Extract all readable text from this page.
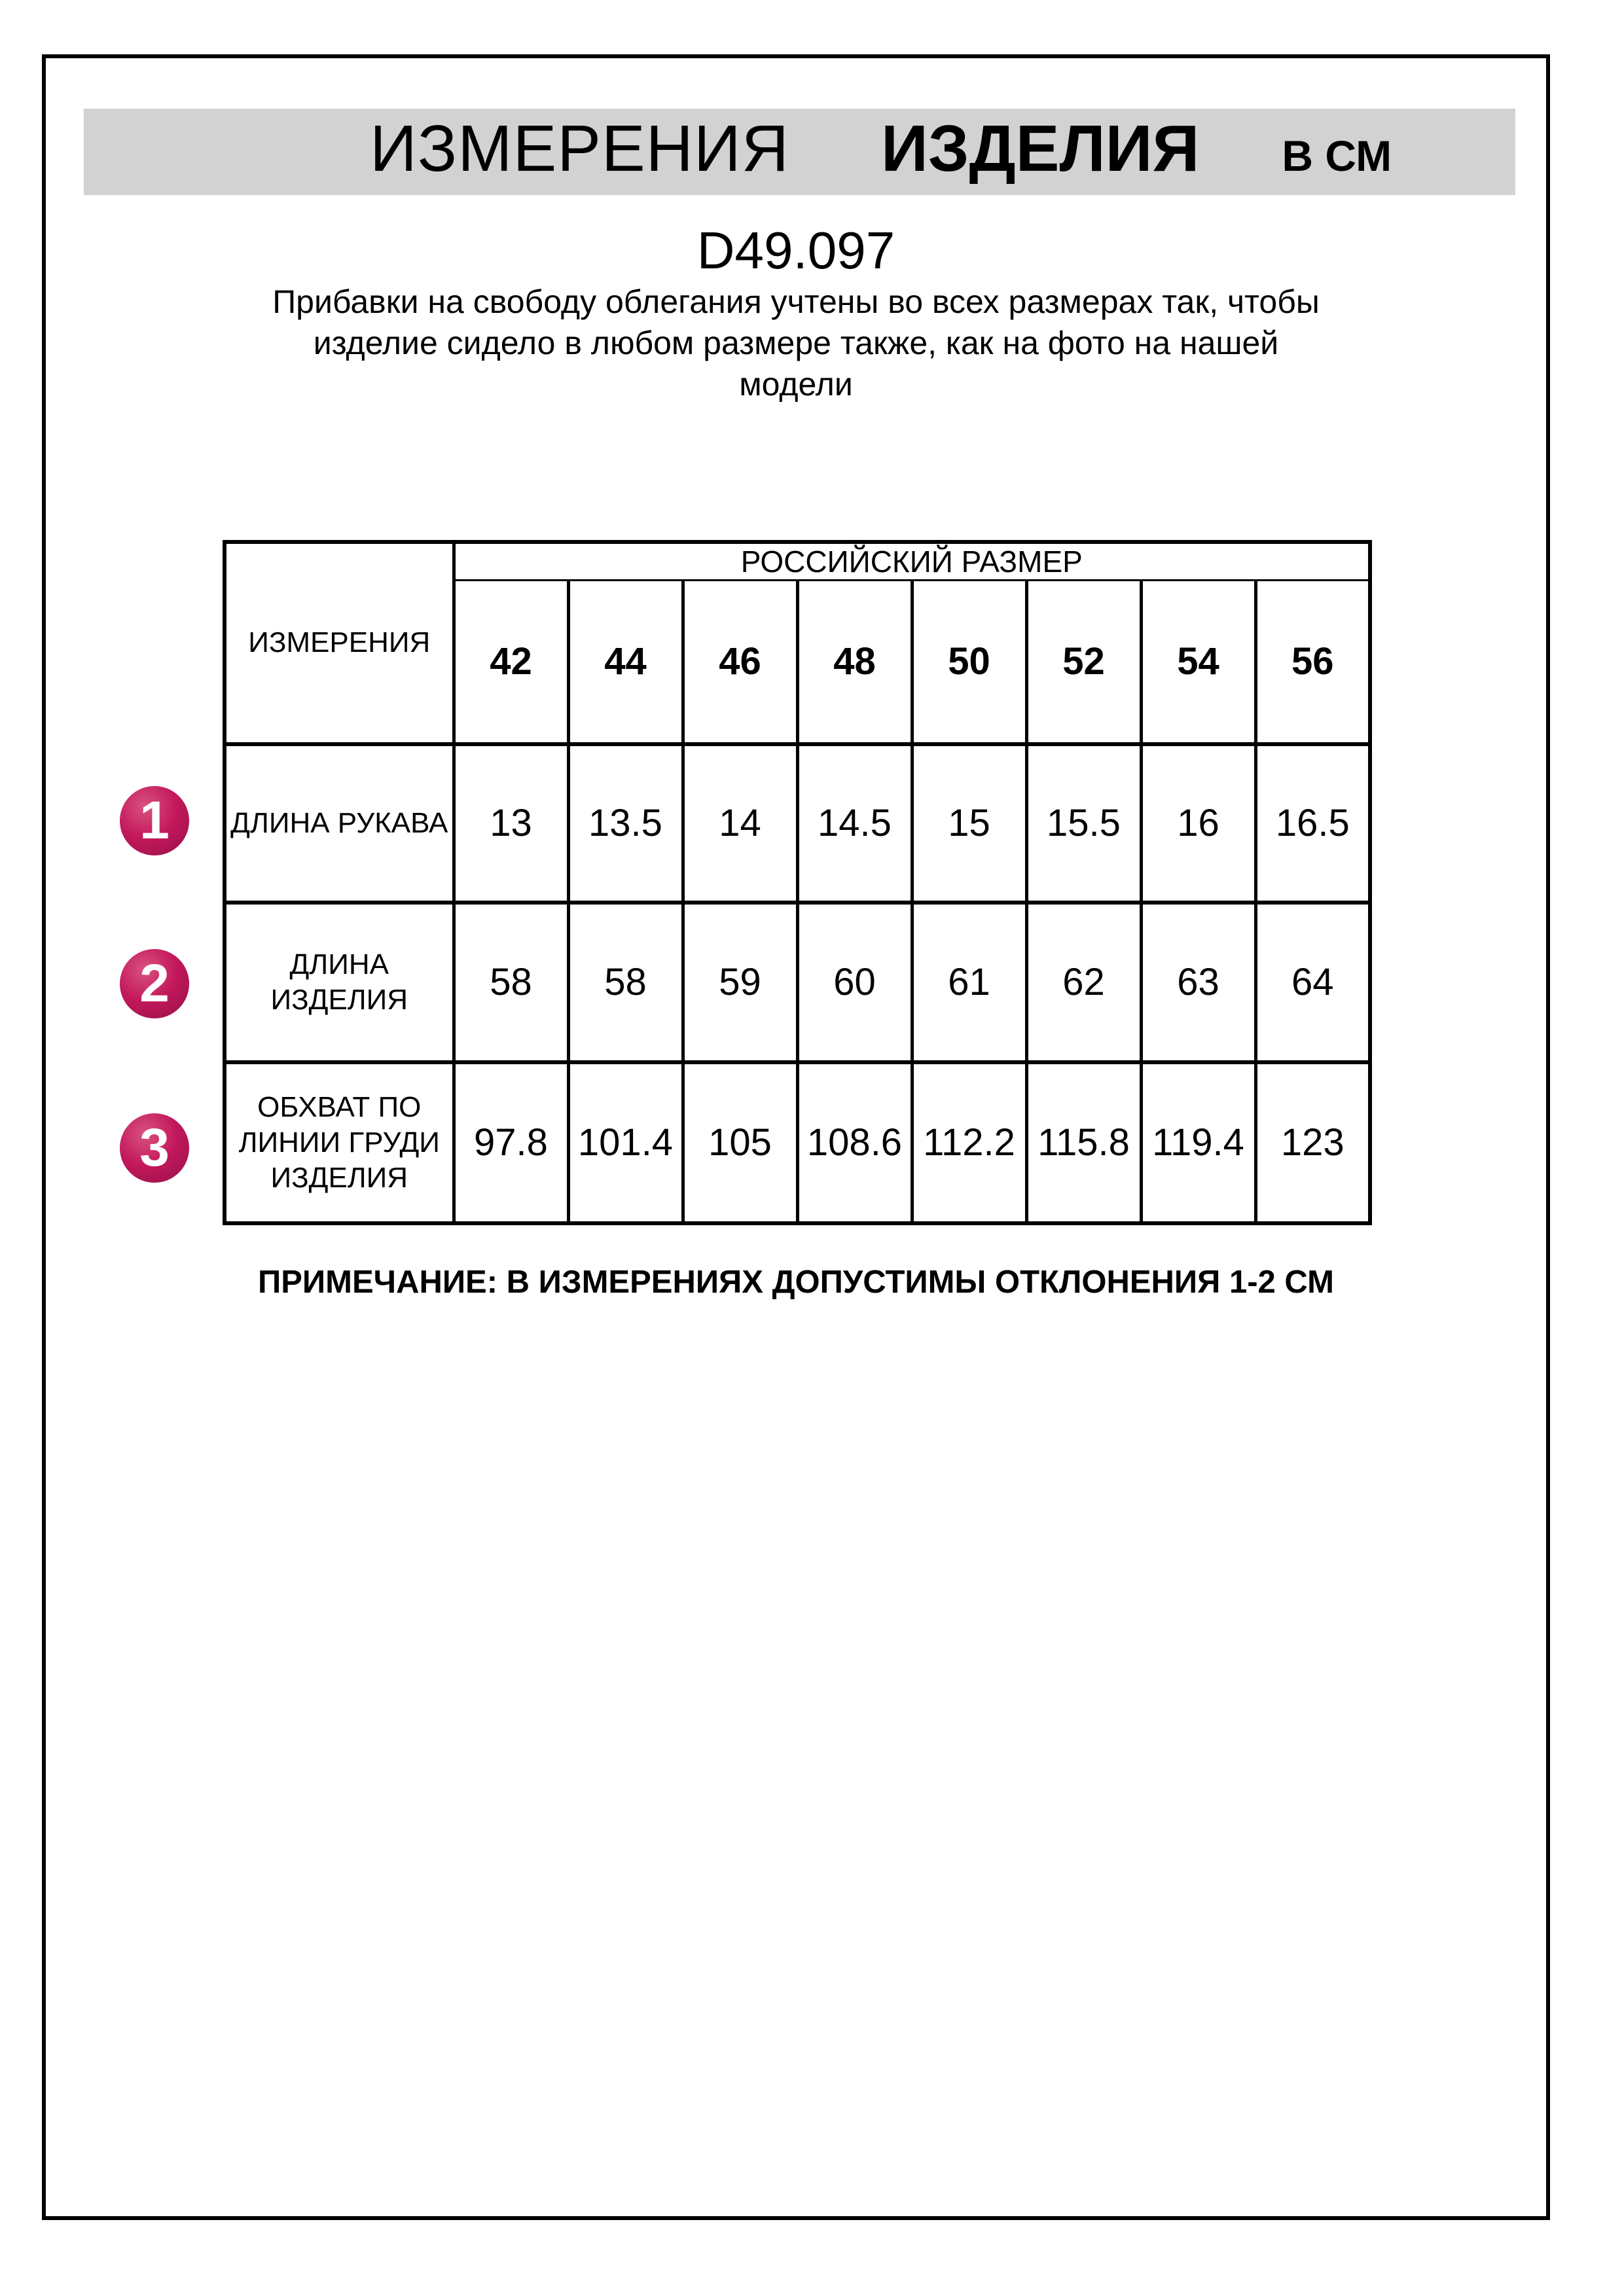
ИЗМЕРЕНИЯ ИЗДЕЛИЯ В СМ
D49.097
Прибавки на свободу облегания учтены во всех размерах так, чтобы
изделие сидело в любом размере также, как на фото на нашей
модели
ИЗМЕРЕНИЯ	РОССИЙСКИЙ РАЗМЕР							
	42	44	46	48	50	52	54	56

ДЛИНА РУКАВА	13	13.5	14	14.5	15	15.5	16	16.5

ДЛИНА
ИЗДЕЛИЯ	58	58	59	60	61	62	63	64

ОБХВАТ ПО
ЛИНИИ ГРУДИ
ИЗДЕЛИЯ	97.8	101.4	105	108.6	112.2	115.8	119.4	123
1
2
3
ПРИМЕЧАНИЕ: В ИЗМЕРЕНИЯХ ДОПУСТИМЫ ОТКЛОНЕНИЯ 1-2 СМ
